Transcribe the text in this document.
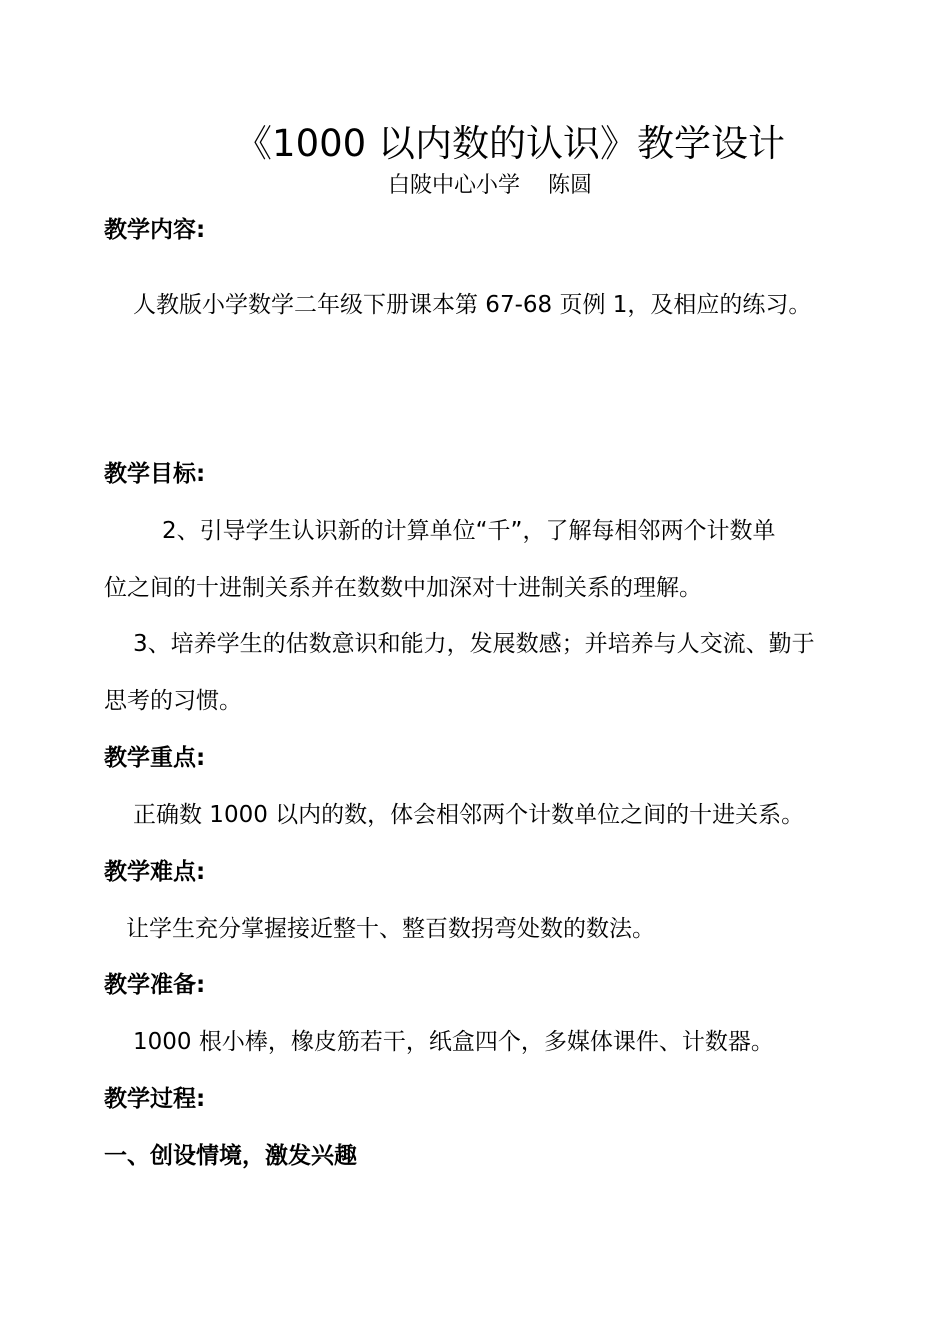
《1000 以内数的认识》教学设计
白陂中心小学    陈圆
教学内容:
人教版小学数学二年级下册课本第 67-68 页例 1，及相应的练习。
教学目标:
2、引导学生认识新的计算单位“千”，了解每相邻两个计数单
位之间的十进制关系并在数数中加深对十进制关系的理解。
3、培养学生的估数意识和能力，发展数感；并培养与人交流、勤于
思考的习惯。
教学重点:
正确数 1000 以内的数，体会相邻两个计数单位之间的十进关系。
教学难点:
让学生充分掌握接近整十、整百数拐弯处数的数法。
教学准备:
1000 根小棒，橡皮筋若干，纸盒四个，多媒体课件、计数器。
教学过程:
一、创设情境，激发兴趣
